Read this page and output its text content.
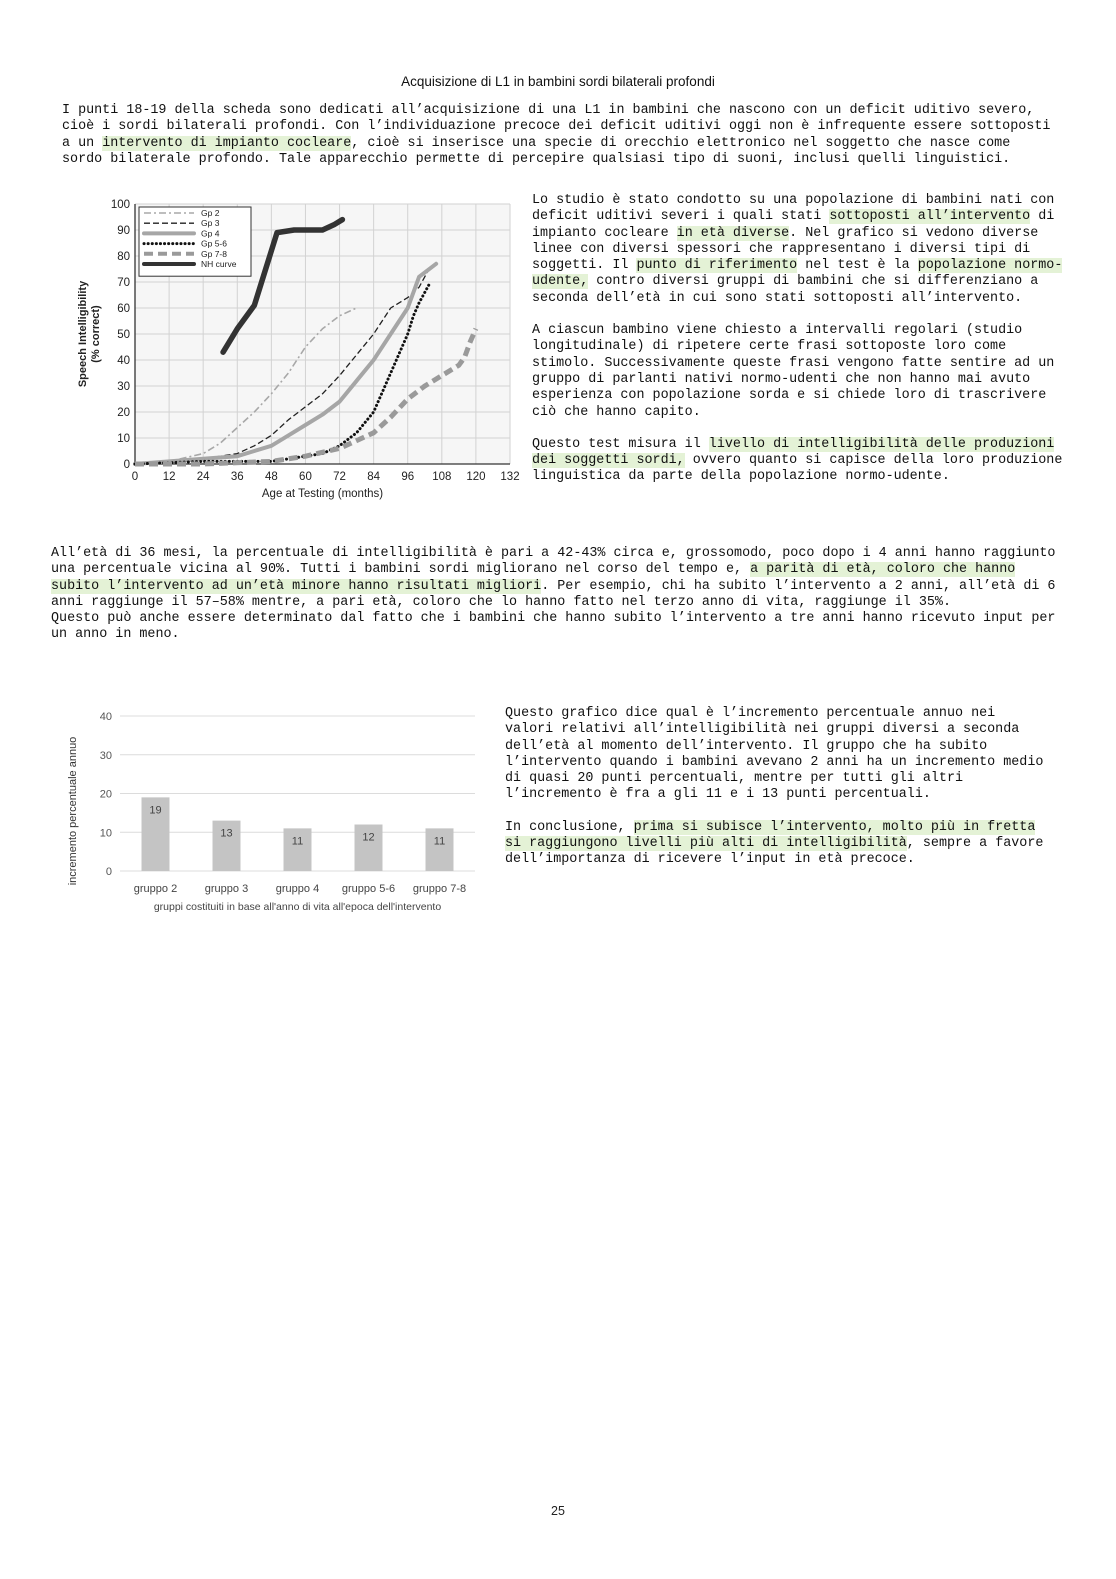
Acquisizione di L1 in bambini sordi bilaterali profondi
I punti 18-19 della scheda sono dedicati all’acquisizione di una L1 in bambini che nascono con un deficit uditivo severo, cioè i sordi bilaterali profondi. Con l’individuazione precoce dei deficit uditivi oggi non è infrequente essere sottoposti a un intervento di impianto cocleare, cioè si inserisce una specie di orecchio elettronico nel soggetto che nasce come sordo bilaterale profondo. Tale apparecchio permette di percepire qualsiasi tipo di suoni, inclusi quelli linguistici.
0
10
20
30
40
50
60
70
80
90
100
0 12 24 36 48 60 72 84 96 108 120 132
Gp 2
Gp 3
Gp 4
Gp 5-6
Gp 7-8
NH curve
Age at Testing (months)
Speech Intelligibility(% correct)

Lo studio è stato condotto su una popolazione di bambini nati con deficit uditivi severi i quali stati sottoposti all’intervento di impianto cocleare in età diverse. Nel grafico si vedono diverse linee con diversi spessori che rappresentano i diversi tipi di soggetti. Il punto di riferimento nel test è la popolazione normo-udente, contro diversi gruppi di bambini che si differenziano a seconda dell’età in cui sono stati sottoposti all’intervento.

A ciascun bambino viene chiesto a intervalli regolari (studio longitudinale) di ripetere certe frasi sottoposte loro come stimolo. Successivamente queste frasi vengono fatte sentire ad un gruppo di parlanti nativi normo-udenti che non hanno mai avuto esperienza con popolazione sorda e si chiede loro di trascrivere ciò che hanno capito.

Questo test misura il livello di intelligibilità delle produzioni dei soggetti sordi, ovvero quanto si capisce della loro produzione linguistica da parte della popolazione normo-udente.

All’età di 36 mesi, la percentuale di intelligibilità è pari a 42-43% circa e, grossomodo, poco dopo i 4 anni hanno raggiunto una percentuale vicina al 90%. Tutti i bambini sordi migliorano nel corso del tempo e, a parità di età, coloro che hanno subito l’intervento ad un’età minore hanno risultati migliori. Per esempio, chi ha subito l’intervento a 2 anni, all’età di 6 anni raggiunge il 57–58% mentre, a pari età, coloro che lo hanno fatto nel terzo anno di vita, raggiunge il 35%.

Questo può anche essere determinato dal fatto che i bambini che hanno subito l’intervento a tre anni hanno ricevuto input per un anno in meno.

0
10
20
30
40
19
13
11	12	11
gruppo 2	gruppo 3	gruppo 4 gruppo 5-6 gruppo 7-8
gruppi costituiti in base all'anno di vita all'epoca dell'intervento
incremento percentuale annuo

Questo grafico dice qual è l’incremento percentuale annuo nei valori relativi all’intelligibilità nei gruppi diversi a seconda dell’età al momento dell’intervento. Il gruppo che ha subito l’intervento quando i bambini avevano 2 anni ha un incremento medio di quasi 20 punti percentuali, mentre per tutti gli altri l’incremento è fra a gli 11 e i 13 punti percentuali.

In conclusione, prima si subisce l’intervento, molto più in fretta si raggiungono livelli più alti di intelligibilità, sempre a favore dell’importanza di ricevere l’input in età precoce.

25
